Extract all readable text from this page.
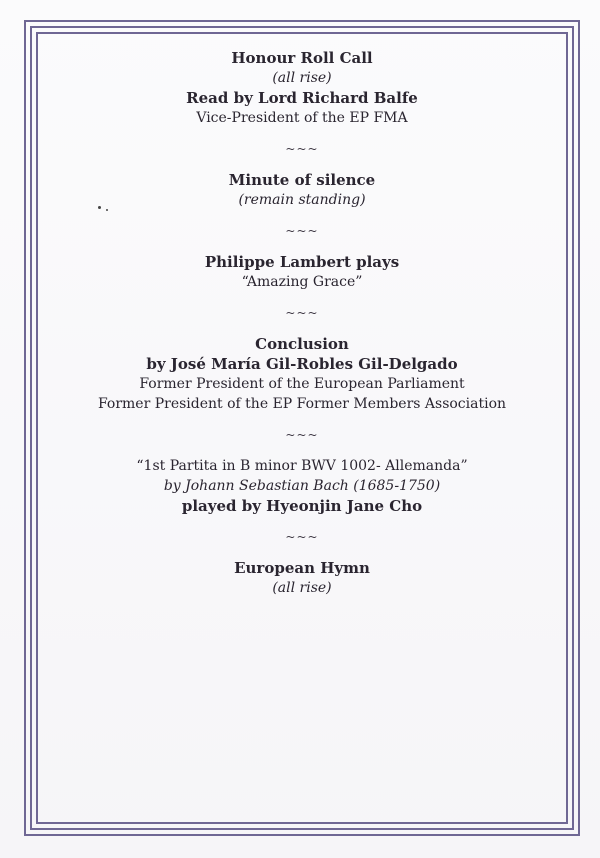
Honour Roll Call

(all rise)

Read by Lord Richard Balfe

Vice-President of the EP FMA

~~~

Minute of silence

(remain standing)

~~~

Philippe Lambert plays

“Amazing Grace”

~~~

Conclusion

by José María Gil-Robles Gil-Delgado

Former President of the European Parliament

Former President of the EP Former Members Association

~~~

“1st Partita in B minor BWV 1002- Allemanda”

by Johann Sebastian Bach (1685-1750)

played by Hyeonjin Jane Cho

~~~

European Hymn

(all rise)
